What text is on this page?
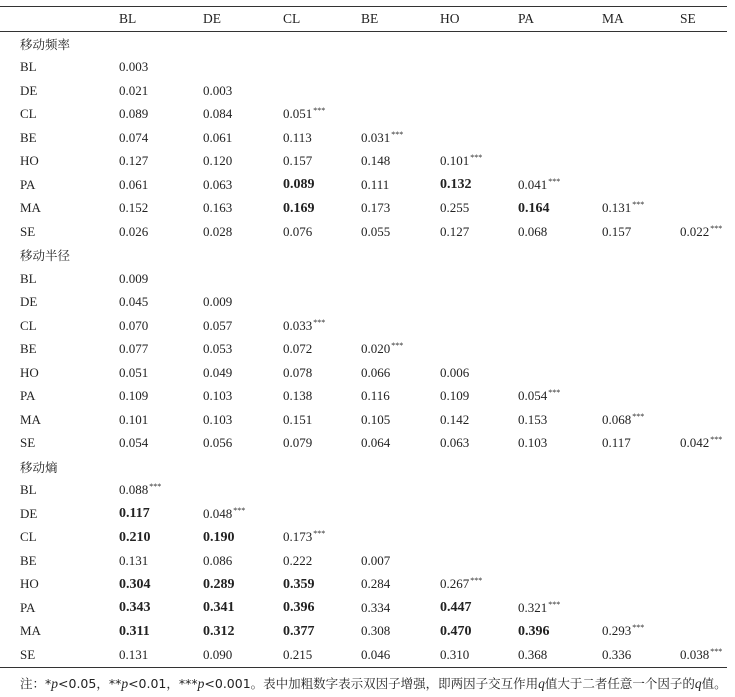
	BL	DE	CL	BE	HO	PA	MA	SE
移动频率								
BL	0.003							
DE	0.021	0.003						
CL	0.089	0.084	0.051***					
BE	0.074	0.061	0.113	0.031***				
HO	0.127	0.120	0.157	0.148	0.101***			
PA	0.061	0.063	0.089	0.111	0.132	0.041***		
MA	0.152	0.163	0.169	0.173	0.255	0.164	0.131***	
SE	0.026	0.028	0.076	0.055	0.127	0.068	0.157	0.022***
移动半径								
BL	0.009							
DE	0.045	0.009						
CL	0.070	0.057	0.033***					
BE	0.077	0.053	0.072	0.020***				
HO	0.051	0.049	0.078	0.066	0.006			
PA	0.109	0.103	0.138	0.116	0.109	0.054***		
MA	0.101	0.103	0.151	0.105	0.142	0.153	0.068***	
SE	0.054	0.056	0.079	0.064	0.063	0.103	0.117	0.042***
移动熵								
BL	0.088***							
DE	0.117	0.048***						
CL	0.210	0.190	0.173***					
BE	0.131	0.086	0.222	0.007				
HO	0.304	0.289	0.359	0.284	0.267***			
PA	0.343	0.341	0.396	0.334	0.447	0.321***		
MA	0.311	0.312	0.377	0.308	0.470	0.396	0.293***	
SE	0.131	0.090	0.215	0.046	0.310	0.368	0.336	0.038***
注：*p<0.05，**p<0.01，***p<0.001。表中加粗数字表示双因子增强，即两因子交互作用q值大于二者任意一个因子的q值。
